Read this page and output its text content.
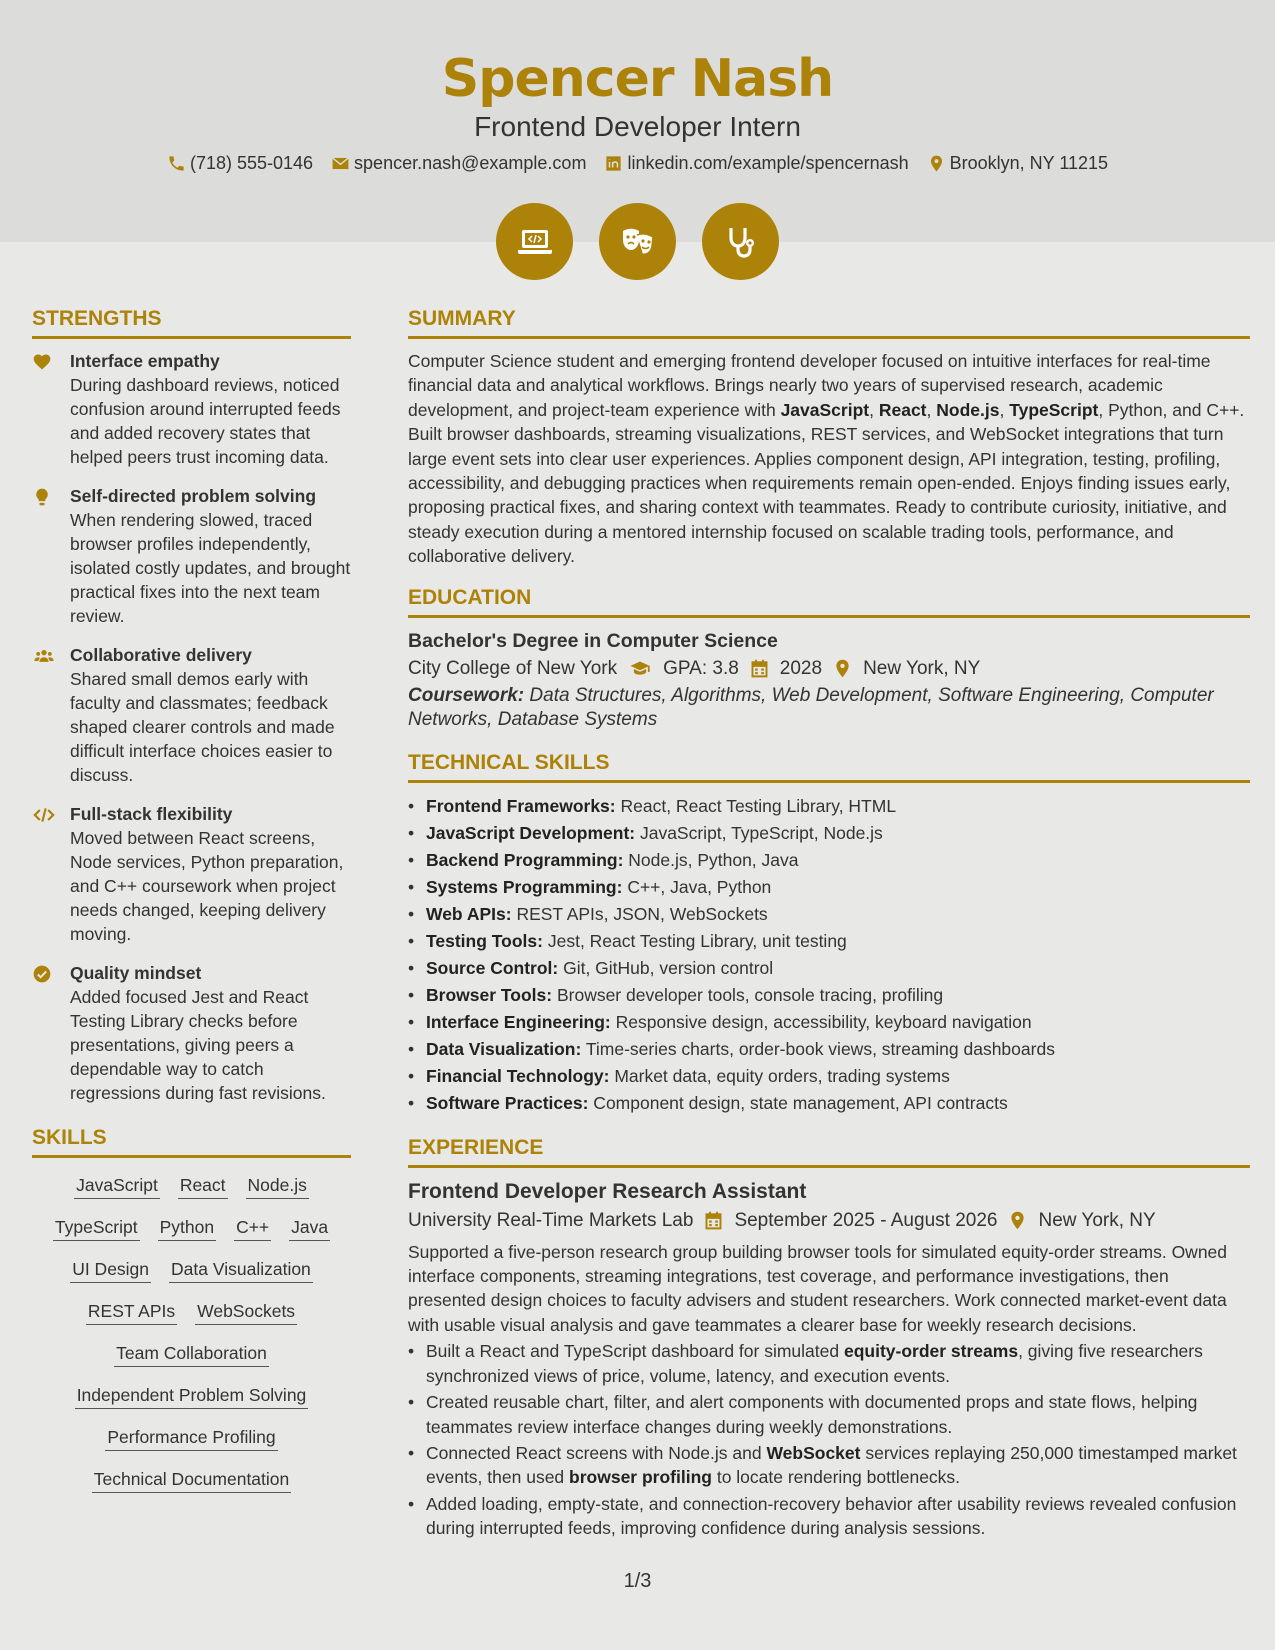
Spencer Nash
Frontend Developer Intern
(718) 555-0146 spencer.nash@example.com linkedin.com/example/spencernash Brooklyn, NY 11215
STRENGTHS
Interface empathy
During dashboard reviews, noticed confusion around interrupted feeds and added recovery states that helped peers trust incoming data.
Self-directed problem solving
When rendering slowed, traced browser profiles independently, isolated costly updates, and brought practical fixes into the next team review.
Collaborative delivery
Shared small demos early with faculty and classmates; feedback shaped clearer controls and made difficult interface choices easier to discuss.
Full-stack flexibility
Moved between React screens, Node services, Python preparation, and C++ coursework when project needs changed, keeping delivery moving.
Quality mindset
Added focused Jest and React Testing Library checks before presentations, giving peers a dependable way to catch regressions during fast revisions.
SKILLS
JavaScript React Node.js
TypeScript Python C++ Java
UI Design Data Visualization
REST APIs WebSockets
Team Collaboration
Independent Problem Solving
Performance Profiling
Technical Documentation
SUMMARY
Computer Science student and emerging frontend developer focused on intuitive interfaces for real-time financial data and analytical workflows. Brings nearly two years of supervised research, academic development, and project-team experience with JavaScript, React, Node.js, TypeScript, Python, and C++. Built browser dashboards, streaming visualizations, REST services, and WebSocket integrations that turn large event sets into clear user experiences. Applies component design, API integration, testing, profiling, accessibility, and debugging practices when requirements remain open-ended. Enjoys finding issues early, proposing practical fixes, and sharing context with teammates. Ready to contribute curiosity, initiative, and steady execution during a mentored internship focused on scalable trading tools, performance, and collaborative delivery.
EDUCATION
Bachelor's Degree in Computer Science
City College of New York GPA: 3.8 2028 New York, NY
Coursework: Data Structures, Algorithms, Web Development, Software Engineering, Computer Networks, Database Systems
TECHNICAL SKILLS
• Frontend Frameworks: React, React Testing Library, HTML
• JavaScript Development: JavaScript, TypeScript, Node.js
• Backend Programming: Node.js, Python, Java
• Systems Programming: C++, Java, Python
• Web APIs: REST APIs, JSON, WebSockets
• Testing Tools: Jest, React Testing Library, unit testing
• Source Control: Git, GitHub, version control
• Browser Tools: Browser developer tools, console tracing, profiling
• Interface Engineering: Responsive design, accessibility, keyboard navigation
• Data Visualization: Time-series charts, order-book views, streaming dashboards
• Financial Technology: Market data, equity orders, trading systems
• Software Practices: Component design, state management, API contracts
EXPERIENCE
Frontend Developer Research Assistant
University Real-Time Markets Lab September 2025 - August 2026 New York, NY
Supported a five-person research group building browser tools for simulated equity-order streams. Owned interface components, streaming integrations, test coverage, and performance investigations, then presented design choices to faculty advisers and student researchers. Work connected market-event data with usable visual analysis and gave teammates a clearer base for weekly research decisions.
• Built a React and TypeScript dashboard for simulated equity-order streams, giving five researchers synchronized views of price, volume, latency, and execution events.
• Created reusable chart, filter, and alert components with documented props and state flows, helping teammates review interface changes during weekly demonstrations.
• Connected React screens with Node.js and WebSocket services replaying 250,000 timestamped market events, then used browser profiling to locate rendering bottlenecks.
• Added loading, empty-state, and connection-recovery behavior after usability reviews revealed confusion during interrupted feeds, improving confidence during analysis sessions.
1/3
